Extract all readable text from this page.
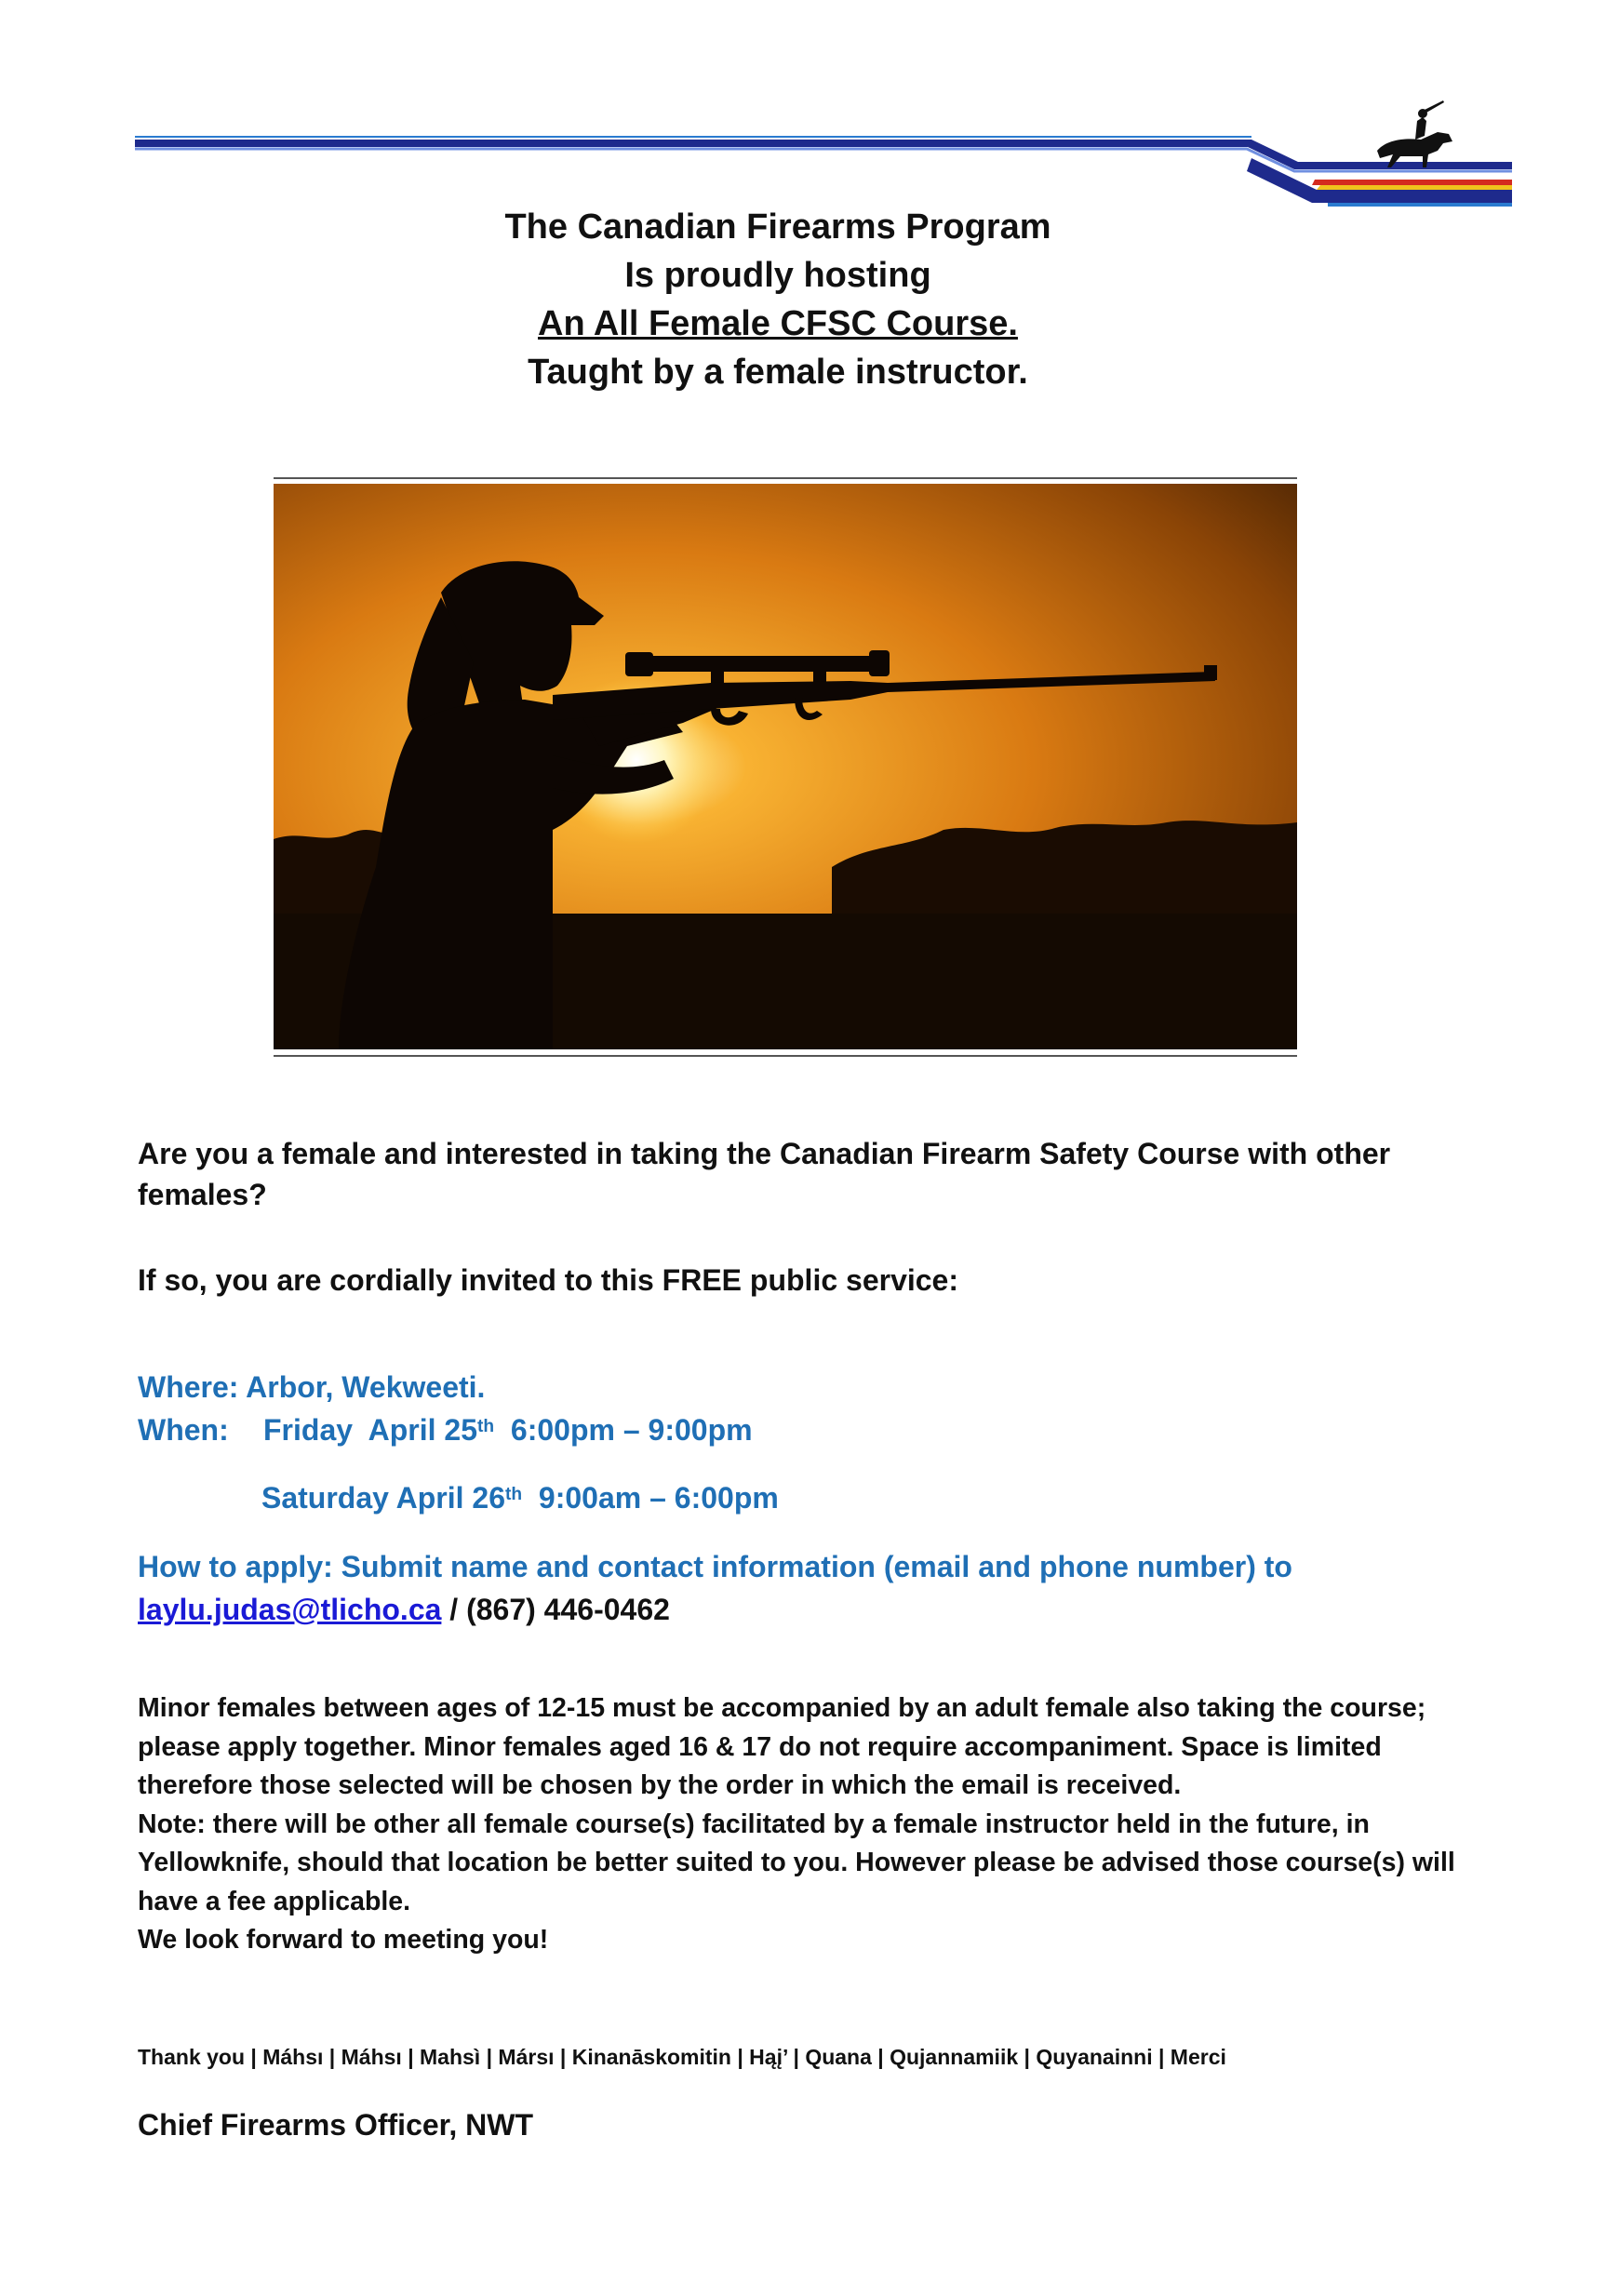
The Canadian Firearms Program
Is proudly hosting
An All Female CFSC Course.
Taught by a female instructor.
Are you a female and interested in taking the Canadian Firearm Safety Course with other females?
If so, you are cordially invited to this FREE public service:
Where: Arbor, Wekweeti.
When: Friday  April 25th 6:00pm – 9:00pm
Saturday April 26th 9:00am – 6:00pm
How to apply: Submit name and contact information (email and phone number) to
laylu.judas@tlicho.ca / (867) 446-0462
Minor females between ages of 12-15 must be accompanied by an adult female also taking the course; please apply together. Minor females aged 16 & 17 do not require accompaniment. Space is limited therefore those selected will be chosen by the order in which the email is received.
Note: there will be other all female course(s) facilitated by a female instructor held in the future, in Yellowknife, should that location be better suited to you. However please be advised those course(s) will have a fee applicable.
We look forward to meeting you!
Thank you | Máhsı | Máhsı | Mahsì | Mársı | Kinanāskomitin | Hąį’ | Quana | Qujannamiik | Quyanainni | Merci
Chief Firearms Officer, NWT
